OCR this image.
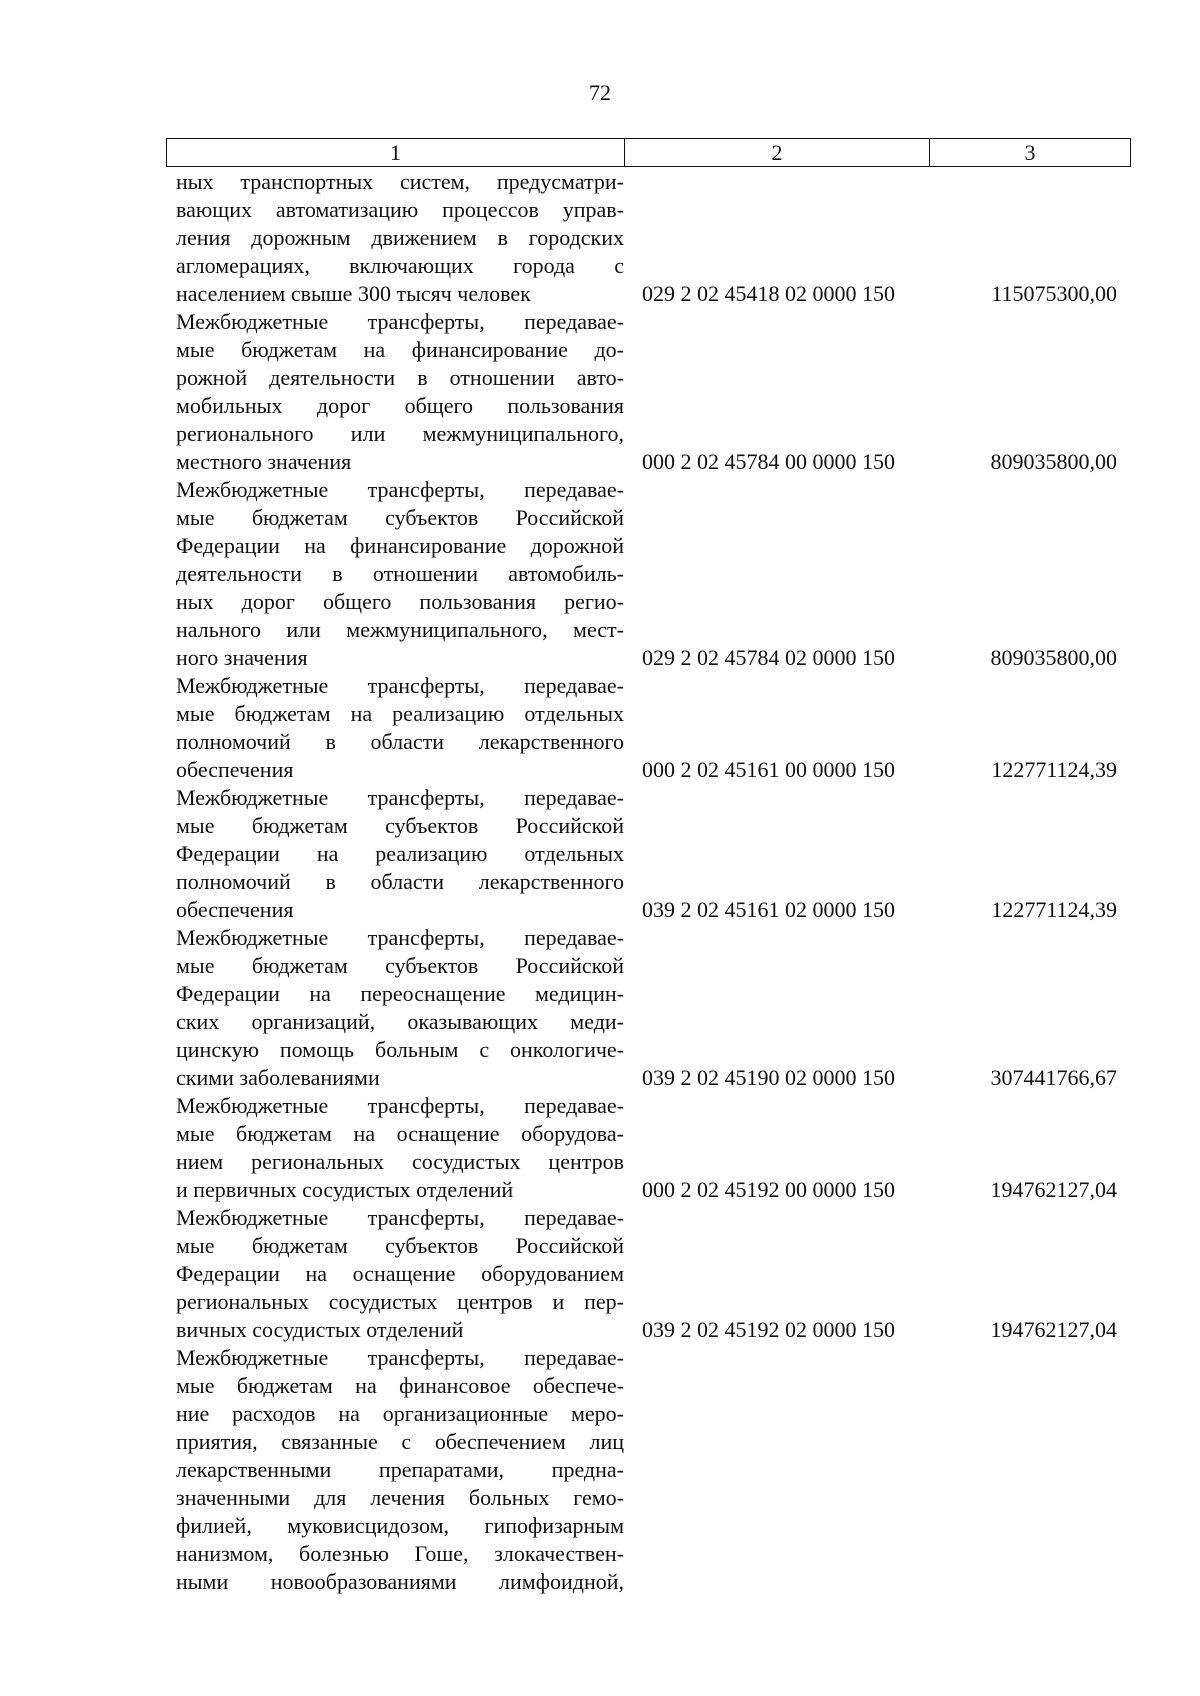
72
1	2	3
ных транспортных систем, предусматри-
вающих автоматизацию процессов управ-
ления дорожным движением в городских
агломерациях, включающих города с
населением свыше 300 тысяч человек	029 2 02 45418 02 0000 150	115075300,00
Межбюджетные трансферты, передавае-
мые бюджетам на финансирование до-
рожной деятельности в отношении авто-
мобильных дорог общего пользования
регионального или межмуниципального,
местного значения	000 2 02 45784 00 0000 150	809035800,00
Межбюджетные трансферты, передавае-
мые бюджетам субъектов Российской
Федерации на финансирование дорожной
деятельности в отношении автомобиль-
ных дорог общего пользования регио-
нального или межмуниципального, мест-
ного значения	029 2 02 45784 02 0000 150	809035800,00
Межбюджетные трансферты, передавае-
мые бюджетам на реализацию отдельных
полномочий в области лекарственного
обеспечения	000 2 02 45161 00 0000 150	122771124,39
Межбюджетные трансферты, передавае-
мые бюджетам субъектов Российской
Федерации на реализацию отдельных
полномочий в области лекарственного
обеспечения	039 2 02 45161 02 0000 150	122771124,39
Межбюджетные трансферты, передавае-
мые бюджетам субъектов Российской
Федерации на переоснащение медицин-
ских организаций, оказывающих меди-
цинскую помощь больным с онкологиче-
скими заболеваниями	039 2 02 45190 02 0000 150	307441766,67
Межбюджетные трансферты, передавае-
мые бюджетам на оснащение оборудова-
нием региональных сосудистых центров
и первичных сосудистых отделений	000 2 02 45192 00 0000 150	194762127,04
Межбюджетные трансферты, передавае-
мые бюджетам субъектов Российской
Федерации на оснащение оборудованием
региональных сосудистых центров и пер-
вичных сосудистых отделений	039 2 02 45192 02 0000 150	194762127,04
Межбюджетные трансферты, передавае-
мые бюджетам на финансовое обеспече-
ние расходов на организационные меро-
приятия, связанные с обеспечением лиц
лекарственными препаратами, предна-
значенными для лечения больных гемо-
филией, муковисцидозом, гипофизарным
нанизмом, болезнью Гоше, злокачествен-
ными новообразованиями лимфоидной,
